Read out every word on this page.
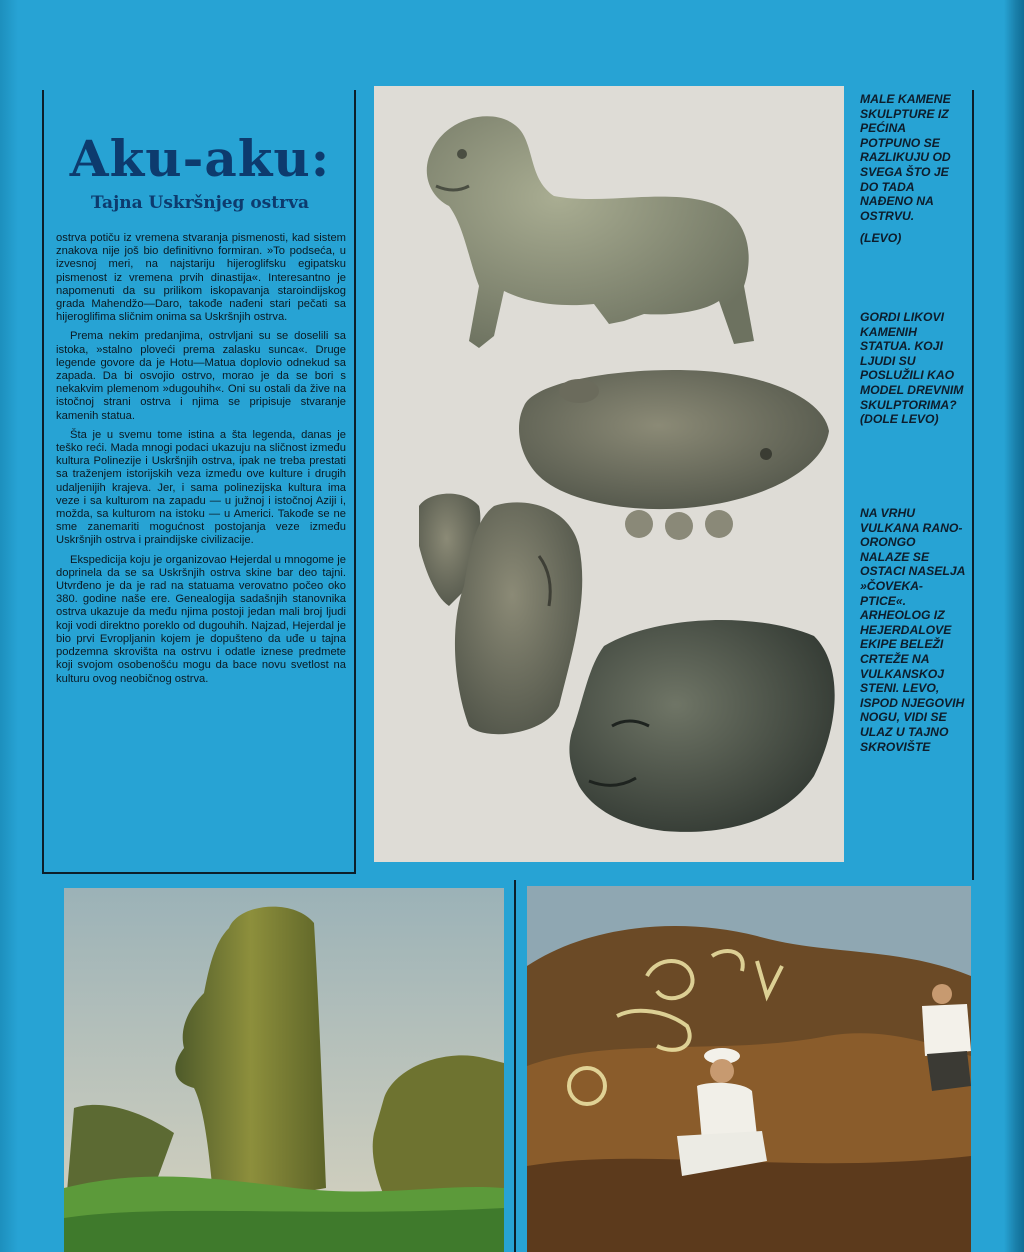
Aku-aku:
Tajna Uskršnjeg ostrva

ostrva potiču iz vremena stvaranja pismenosti, kad sistem znakova nije još bio definitivno formiran. »To podseća, u izvesnoj meri, na najstariju hijeroglifsku egipatsku pismenost iz vremena prvih dinastija«. Interesantno je napomenuti da su prilikom iskopavanja staroindijskog grada Mahendžo—Daro, takođe nađeni stari pečati sa hijeroglifima sličnim onima sa Uskršnjih ostrva.

Prema nekim predanjima, ostrvljani su se doselili sa istoka, »stalno ploveći prema zalasku sunca«. Druge legende govore da je Hotu—Matua doplovio odnekud sa zapada. Da bi osvojio ostrvo, morao je da se bori s nekakvim plemenom »dugouhih«. Oni su ostali da žive na istočnoj strani ostrva i njima se pripisuje stvaranje kamenih statua.

Šta je u svemu tome istina a šta legenda, danas je teško reći. Mada mnogi podaci ukazuju na sličnost između kultura Polinezije i Uskršnjih ostrva, ipak ne treba prestati sa traženjem istorijskih veza između ove kulture i drugih udaljenijih krajeva. Jer, i sama polinezijska kultura ima veze i sa kulturom na zapadu — u južnoj i istočnoj Aziji i, možda, sa kulturom na istoku — u Americi. Takođe se ne sme zanemariti mogućnost postojanja veze između Uskršnjih ostrva i praindijske civilizacije.

Ekspedicija koju je organizovao Hejerdal u mnogome je doprinela da se sa Uskršnjih ostrva skine bar deo tajni. Utvrđeno je da je rad na statuama verovatno počeo oko 380. godine naše ere. Genealogija sadašnjih stanovnika ostrva ukazuje da među njima postoji jedan mali broj ljudi koji vodi direktno poreklo od dugouhih. Najzad, Hejerdal je bio prvi Evropljanin kojem je dopušteno da uđe u tajna podzemna skrovišta na ostrvu i odatle iznese predmete koji svojom osobenošću mogu da bace novu svetlost na kulturu ovog neobičnog ostrva.

MALE KAMENE SKULPTURE IZ PEĆINA POTPUNO SE RAZLIKUJU OD SVEGA ŠTO JE DO TADA NAĐENO NA OSTRVU.

(LEVO)

GORDI LIKOVI KAMENIH STATUA. KOJI LJUDI SU POSLUŽILI KAO MODEL DREVNIM SKULPTORIMA? (DOLE LEVO)

NA VRHU VULKANA RANO-ORONGO NALAZE SE OSTACI NASELJA »ČOVEKA-PTICE«. ARHEOLOG IZ HEJERDALOVE EKIPE BELEŽI CRTEŽE NA VULKANSKOJ STENI. LEVO, ISPOD NJEGOVIH NOGU, VIDI SE ULAZ U TAJNO SKROVIŠTE
